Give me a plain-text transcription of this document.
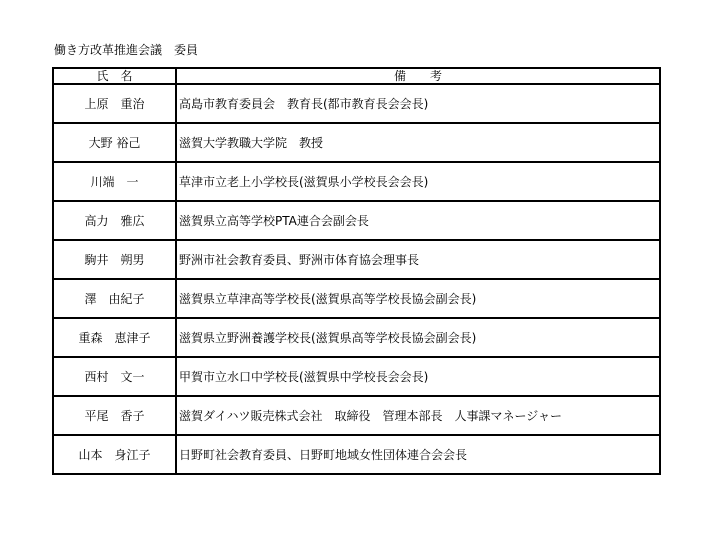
働き方改革推進会議　委員
氏　名	備　　考
上原　重治	高島市教育委員会　教育長(都市教育長会会長)
大野 裕己	滋賀大学教職大学院　教授
川端　一	草津市立老上小学校長(滋賀県小学校長会会長)
高力　雅広	滋賀県立高等学校PTA連合会副会長
駒井　朔男	野洲市社会教育委員、野洲市体育協会理事長
澤　由紀子	滋賀県立草津高等学校長(滋賀県高等学校長協会副会長)
重森　恵津子	滋賀県立野洲養護学校長(滋賀県高等学校長協会副会長)
西村　文一	甲賀市立水口中学校長(滋賀県中学校長会会長)
平尾　香子	滋賀ダイハツ販売株式会社　取締役　管理本部長　人事課マネージャー
山本　身江子	日野町社会教育委員、日野町地域女性団体連合会会長
